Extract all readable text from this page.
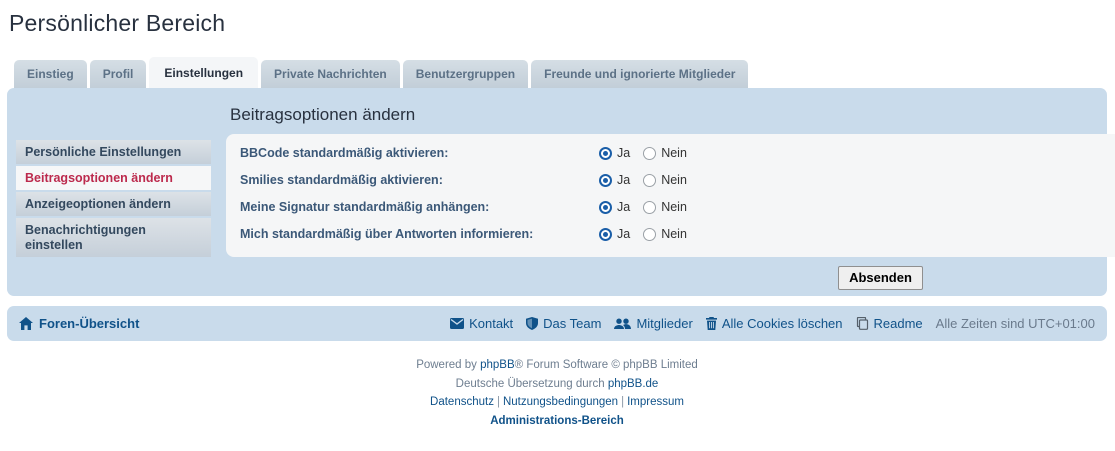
Persönlicher Bereich
Einstieg	Profil	Einstellungen	Private Nachrichten	Benutzergruppen	Freunde und ignorierte Mitglieder
Persönliche Einstellungen
Beitragsoptionen ändern
Anzeigeoptionen ändern
Benachrichtigungen einstellen
Beitragsoptionen ändern
BBCode standardmäßig aktivieren:	Ja Nein
Smilies standardmäßig aktivieren:	Ja Nein
Meine Signatur standardmäßig anhängen:	Ja Nein
Mich standardmäßig über Antworten informieren:	Ja Nein
Absenden
Foren-Übersicht	Kontakt Das Team	Mitglieder Alle Cookies löschen Readme Alle Zeiten sind UTC+01:00
Powered by phpBB® Forum Software © phpBB Limited
Deutsche Übersetzung durch phpBB.de
Datenschutz | Nutzungsbedingungen | Impressum
Administrations-Bereich
